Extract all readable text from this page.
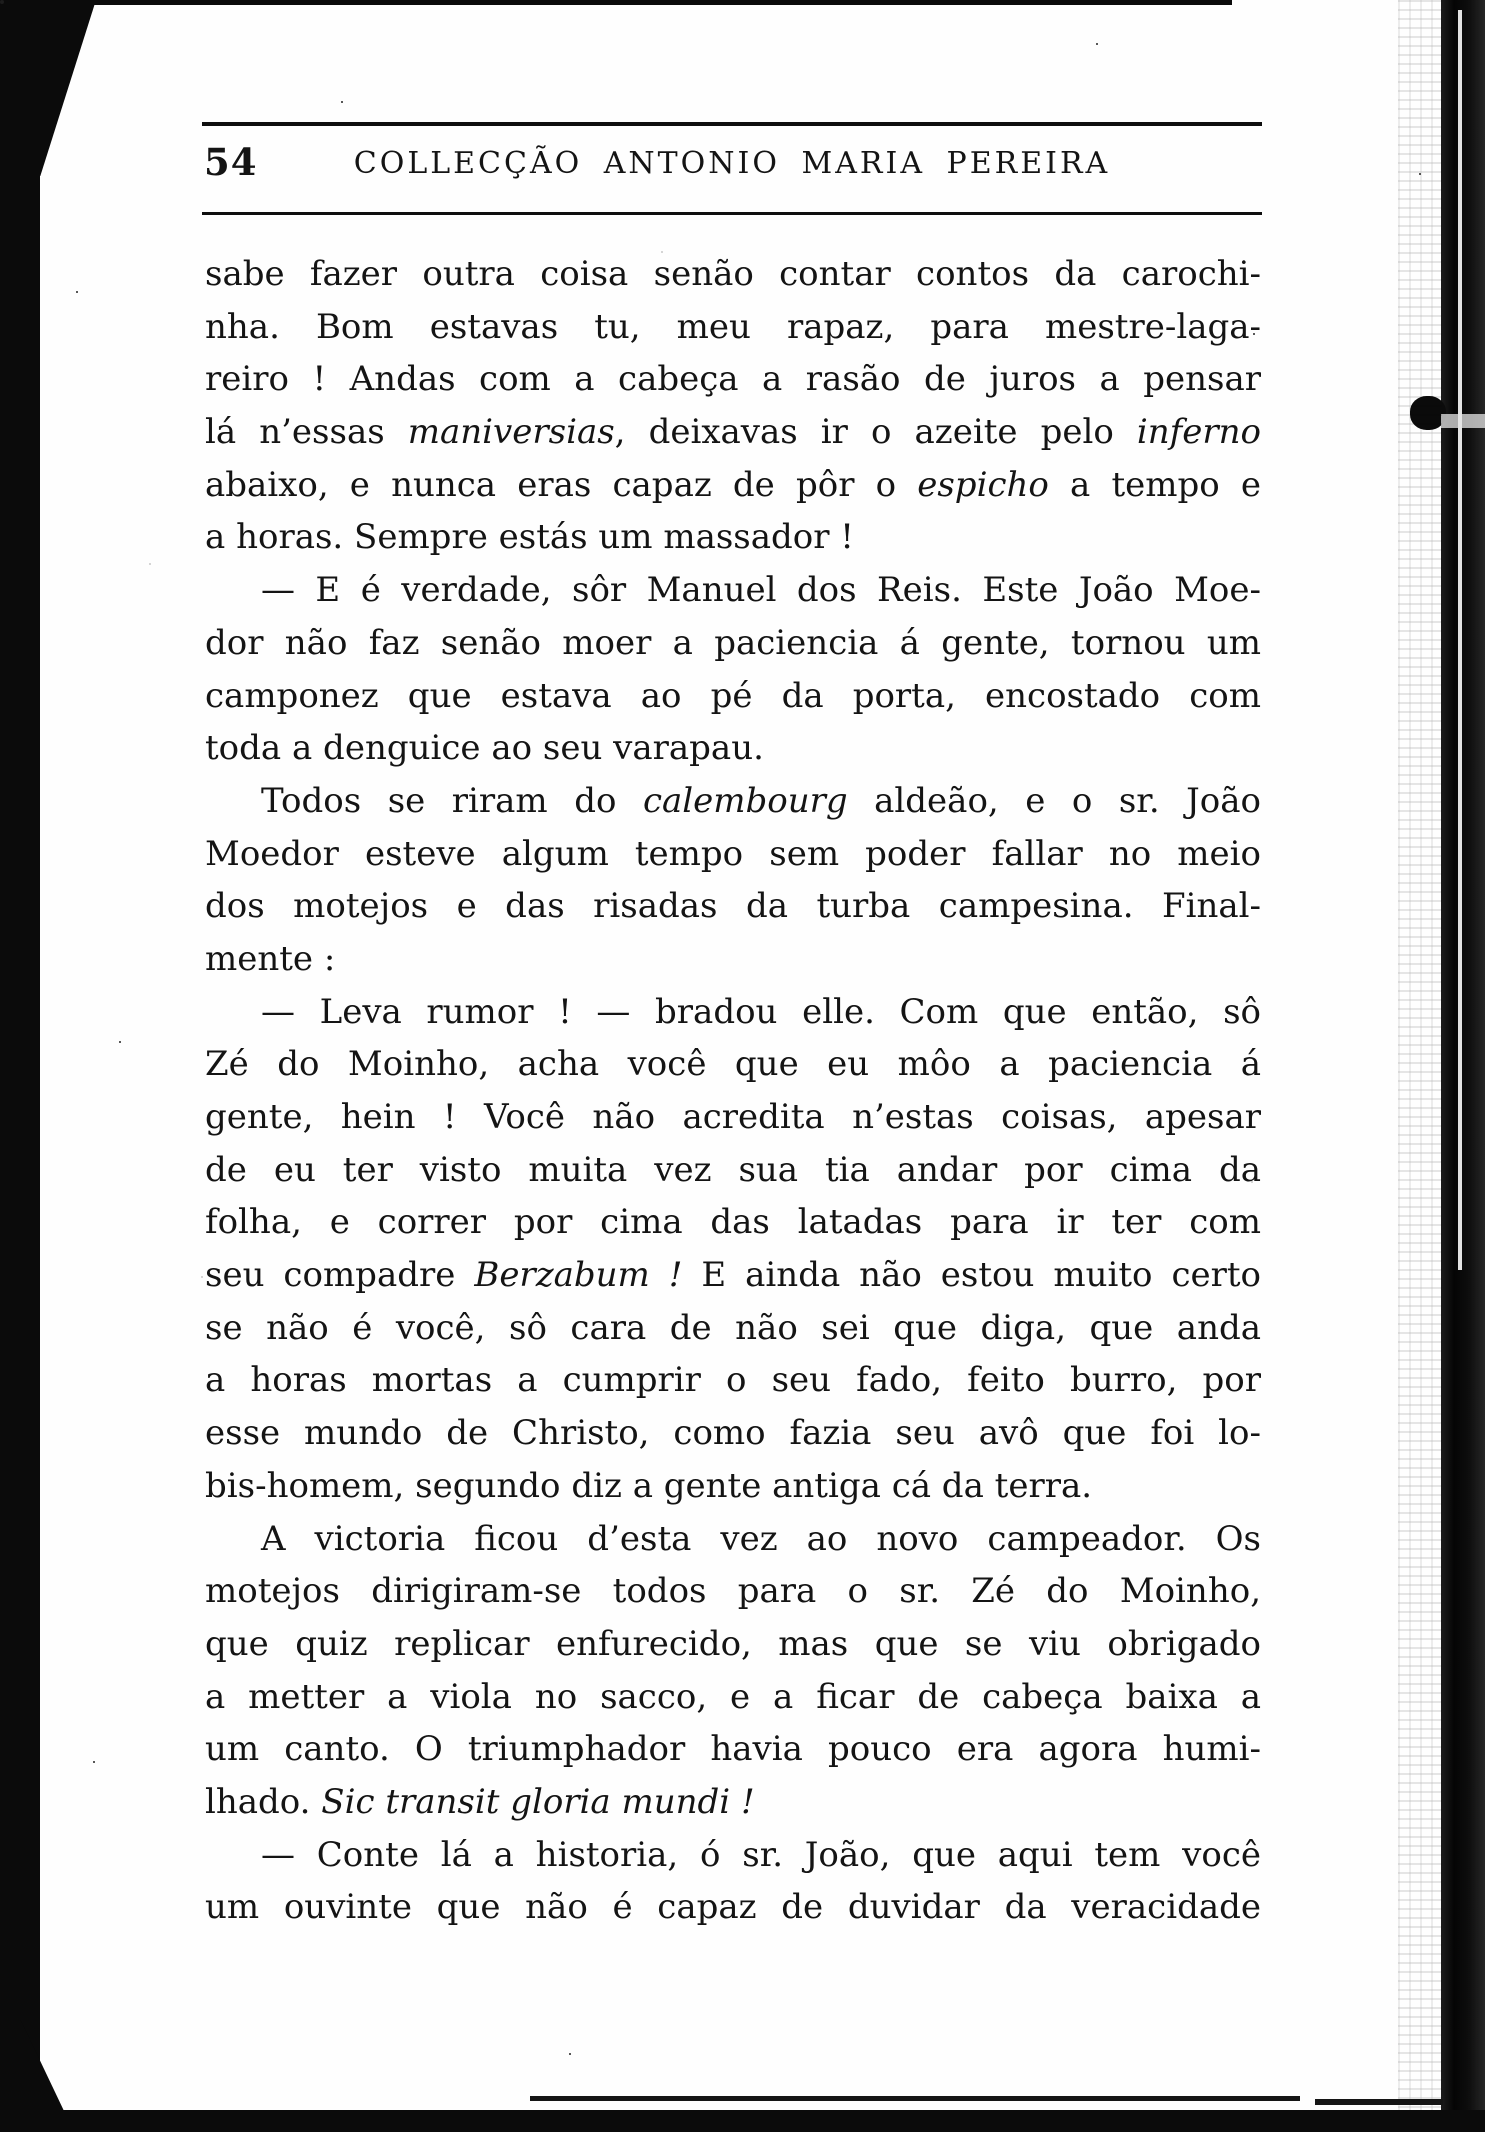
54	COLLECÇÃO ANTONIO MARIA PEREIRA
sabe fazer outra coisa senão contar contos da carochi-
nha. Bom estavas tu, meu rapaz, para mestre-laga-
reiro ! Andas com a cabeça a rasão de juros a pensar
lá n’essas maniversias, deixavas ir o azeite pelo inferno
abaixo, e nunca eras capaz de pôr o espicho a tempo e
a horas. Sempre estás um massador !
— E é verdade, sôr Manuel dos Reis. Este João Moe-
dor não faz senão moer a paciencia á gente, tornou um
camponez que estava ao pé da porta, encostado com
toda a denguice ao seu varapau.
Todos se riram do calembourg aldeão, e o sr. João
Moedor esteve algum tempo sem poder fallar no meio
dos motejos e das risadas da turba campesina. Final-
mente :
— Leva rumor ! — bradou elle. Com que então, sô
Zé do Moinho, acha você que eu môo a paciencia á
gente, hein ! Você não acredita n’estas coisas, apesar
de eu ter visto muita vez sua tia andar por cima da
folha, e correr por cima das latadas para ir ter com
seu compadre Berzabum ! E ainda não estou muito certo
se não é você, sô cara de não sei que diga, que anda
a horas mortas a cumprir o seu fado, feito burro, por
esse mundo de Christo, como fazia seu avô que foi lo-
bis-homem, segundo diz a gente antiga cá da terra.
A victoria ficou d’esta vez ao novo campeador. Os
motejos dirigiram-se todos para o sr. Zé do Moinho,
que quiz replicar enfurecido, mas que se viu obrigado
a metter a viola no sacco, e a ficar de cabeça baixa a
um canto. O triumphador havia pouco era agora humi-
lhado. Sic transit gloria mundi !
— Conte lá a historia, ó sr. João, que aqui tem você
um ouvinte que não é capaz de duvidar da veracidade
